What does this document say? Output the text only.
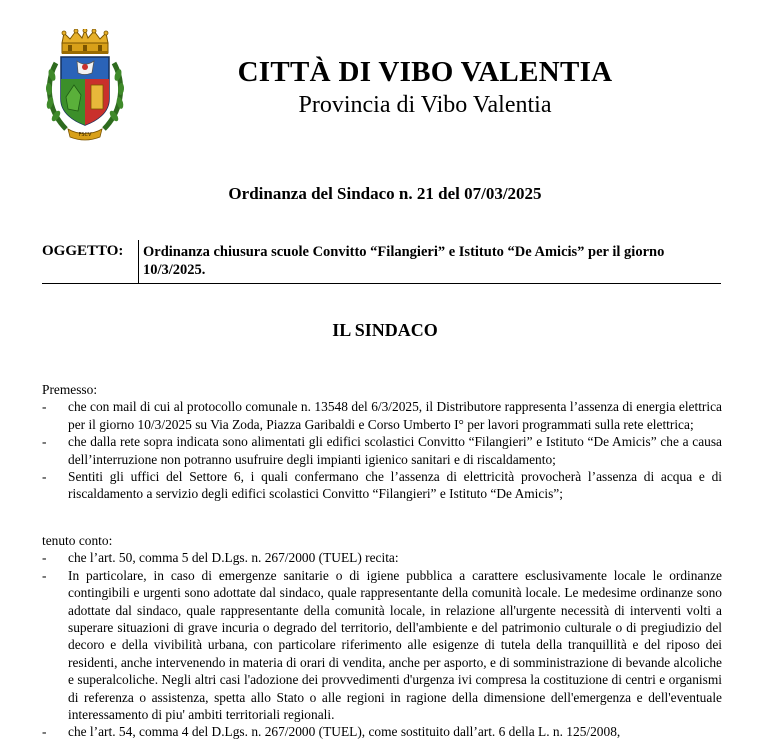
FSCV
CITTÀ DI VIBO VALENTIA
Provincia di Vibo Valentia
Ordinanza del Sindaco n. 21 del 07/03/2025
OGGETTO:	Ordinanza chiusura scuole Convitto “Filangieri” e Istituto “De Amicis” per il giorno 10/3/2025.
IL SINDACO

Premesso:

- che con mail di cui al protocollo comunale n. 13548 del 6/3/2025, il Distributore rappresenta l’assenza di energia elettrica per il giorno 10/3/2025 su Via Zoda, Piazza Garibaldi e Corso Umberto I° per lavori programmati sulla rete elettrica;
- che dalla rete sopra indicata sono alimentati gli edifici scolastici Convitto “Filangieri” e Istituto “De Amicis” che a causa dell’interruzione non potranno usufruire degli impianti igienico sanitari e di riscaldamento;
- Sentiti gli uffici del Settore 6, i quali confermano che l’assenza di elettricità provocherà l’assenza di acqua e di riscaldamento a servizio degli edifici scolastici Convitto “Filangieri” e Istituto “De Amicis”;

tenuto conto:

- che l’art. 50, comma 5 del D.Lgs. n. 267/2000 (TUEL) recita:
- In particolare, in caso di emergenze sanitarie o di igiene pubblica a carattere esclusivamente locale le ordinanze contingibili e urgenti sono adottate dal sindaco, quale rappresentante della comunità locale. Le medesime ordinanze sono adottate dal sindaco, quale rappresentante della comunità locale, in relazione all'urgente necessità di interventi volti a superare situazioni di grave incuria o degrado del territorio, dell'ambiente e del patrimonio culturale o di pregiudizio del decoro e della vivibilità urbana, con particolare riferimento alle esigenze di tutela della tranquillità e del riposo dei residenti, anche intervenendo in materia di orari di vendita, anche per asporto, e di somministrazione di bevande alcoliche e superalcoliche. Negli altri casi l'adozione dei provvedimenti d'urgenza ivi compresa la costituzione di centri e organismi di referenza o assistenza, spetta allo Stato o alle regioni in ragione della dimensione dell'emergenza e dell'eventuale interessamento di piu' ambiti territoriali regionali.
- che l’art. 54, comma 4 del D.Lgs. n. 267/2000 (TUEL), come sostituito dall’art. 6 della L. n. 125/2008,
